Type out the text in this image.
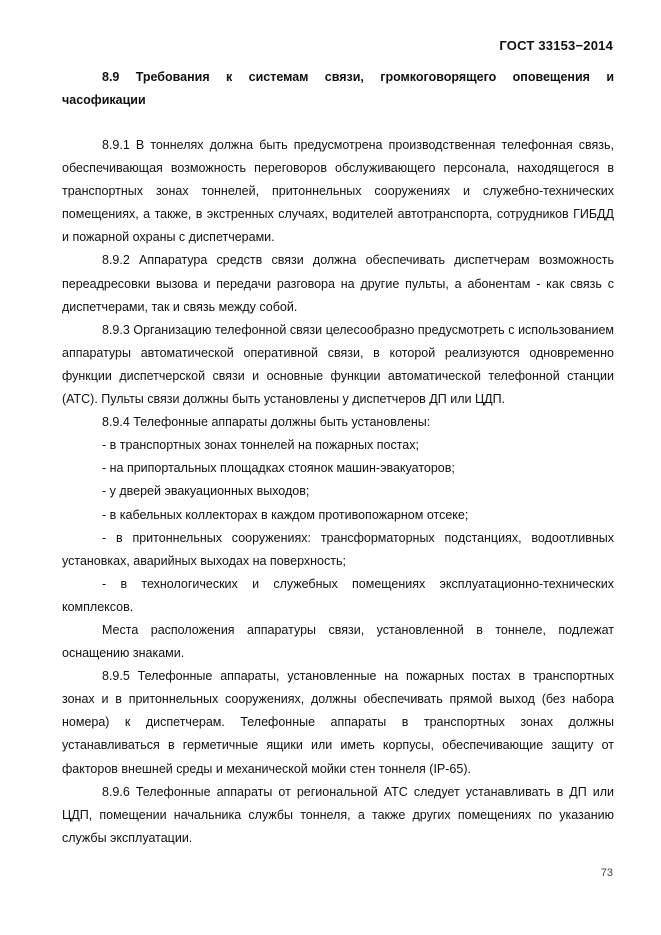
ГОСТ 33153−2014

8.9 Требования к системам связи, громкоговорящего оповещения и часофикации

8.9.1 В тоннелях должна быть предусмотрена производственная телефонная связь, обеспечивающая возможность переговоров обслуживающего персонала, находящегося в транспортных зонах тоннелей, притоннельных сооружениях и служебно-технических помещениях, а также, в экстренных случаях, водителей автотранспорта, сотрудников ГИБДД и пожарной охраны с диспетчерами.

8.9.2 Аппаратура средств связи должна обеспечивать диспетчерам возможность переадресовки вызова и передачи разговора на другие пульты, а абонентам - как связь с диспетчерами, так и связь между собой.

8.9.3 Организацию телефонной связи целесообразно предусмотреть с использованием аппаратуры автоматической оперативной связи, в которой реализуются одновременно функции диспетчерской связи и основные функции автоматической телефонной станции (АТС). Пульты связи должны быть установлены у диспетчеров ДП или ЦДП.

8.9.4 Телефонные аппараты должны быть установлены:

- в транспортных зонах тоннелей на пожарных постах;

- на припортальных площадках стоянок машин-эвакуаторов;

- у дверей эвакуационных выходов;

- в кабельных коллекторах в каждом противопожарном отсеке;

- в притоннельных сооружениях: трансформаторных подстанциях, водоотливных установках, аварийных выходах на поверхность;

- в технологических и служебных помещениях эксплуатационно-технических комплексов.

Места расположения аппаратуры связи, установленной в тоннеле, подлежат оснащению знаками.

8.9.5 Телефонные аппараты, установленные на пожарных постах в транспортных зонах и в притоннельных сооружениях, должны обеспечивать прямой выход (без набора номера) к диспетчерам. Телефонные аппараты в транспортных зонах должны устанавливаться в герметичные ящики или иметь корпусы, обеспечивающие защиту от факторов внешней среды и механической мойки стен тоннеля (IP-65).

8.9.6 Телефонные аппараты от региональной АТС следует устанавливать в ДП или ЦДП, помещении начальника службы тоннеля, а также других помещениях по указанию службы эксплуатации.

73
